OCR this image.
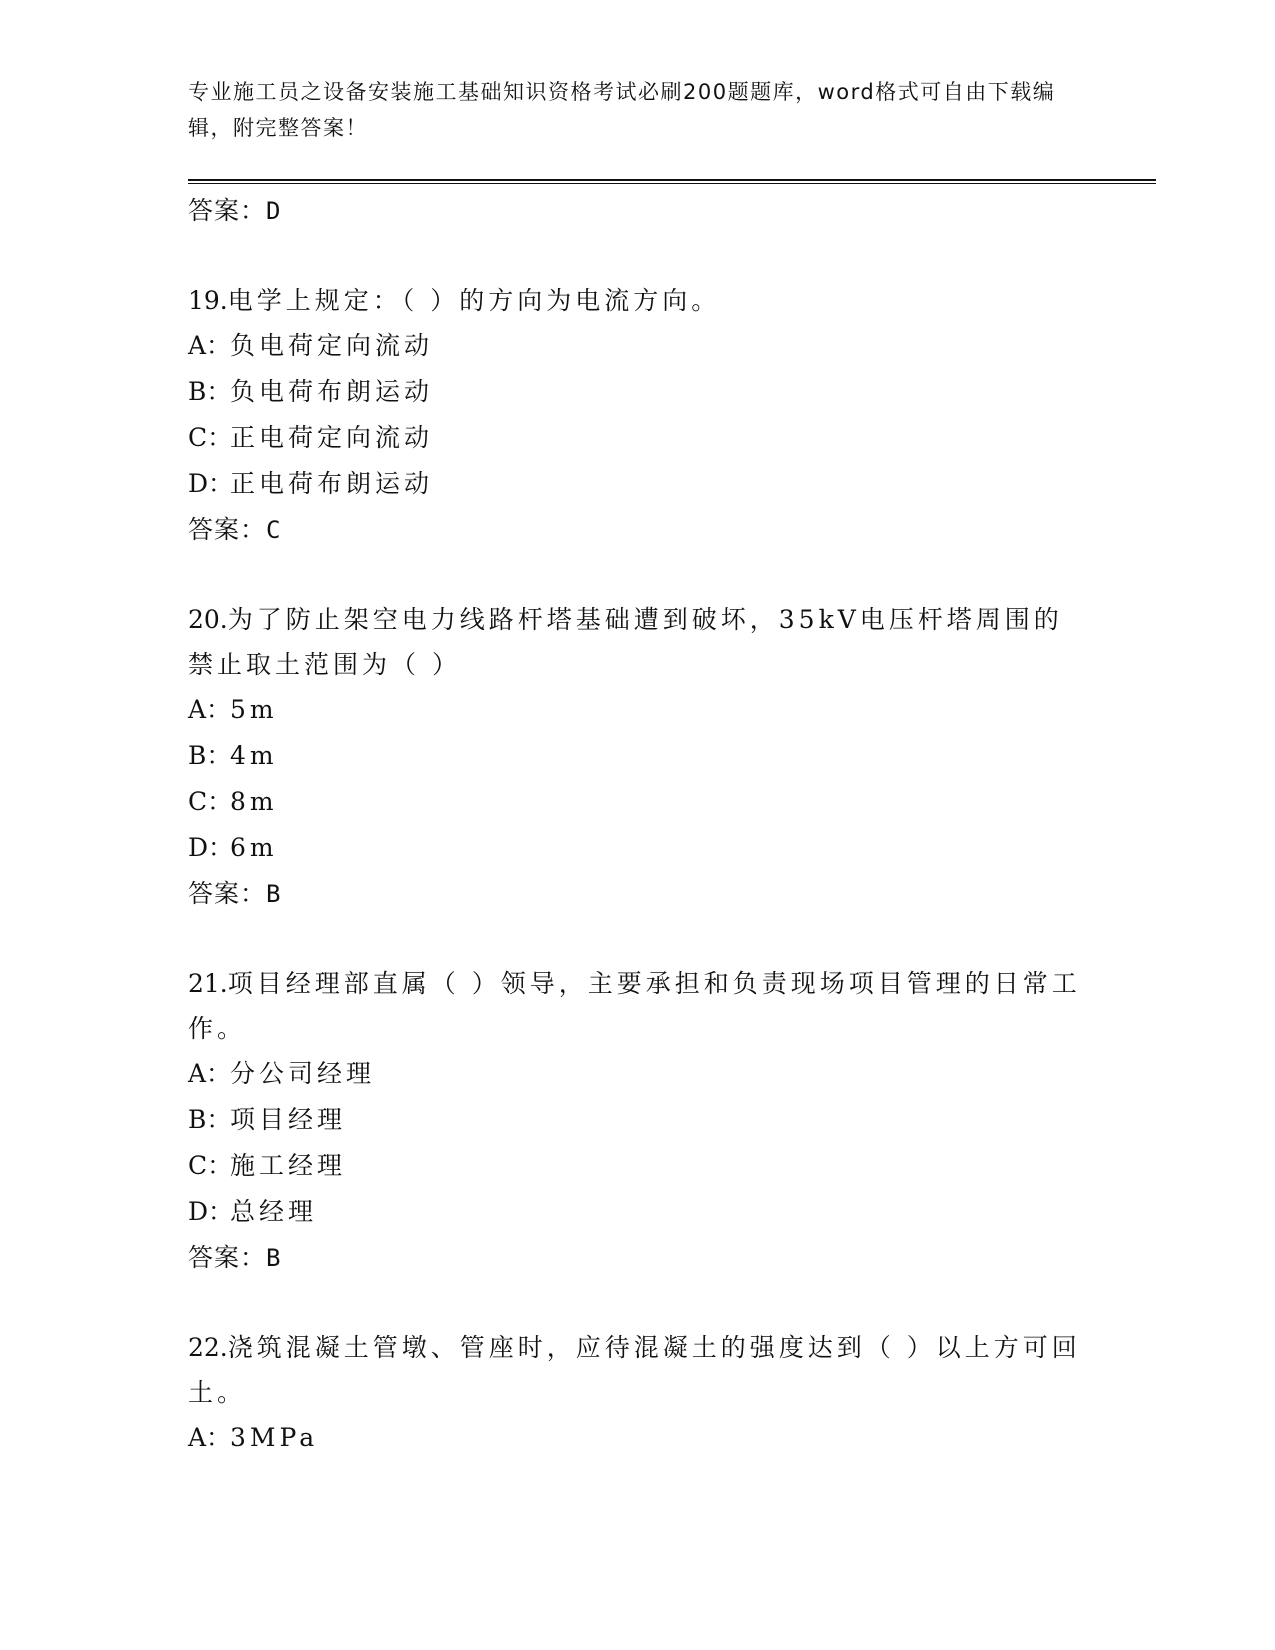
专业施工员之设备安装施工基础知识资格考试必刷200题题库，word格式可自由下载编辑，附完整答案！
答案：D
19.电学上规定：（ ）的方向为电流方向。
A：负电荷定向流动
B：负电荷布朗运动
C：正电荷定向流动
D：正电荷布朗运动
答案：C
20.为了防止架空电力线路杆塔基础遭到破坏，35kV电压杆塔周围的禁止取土范围为（ ）
A：5m
B：4m
C：8m
D：6m
答案：B
21.项目经理部直属（ ）领导，主要承担和负责现场项目管理的日常工作。
A：分公司经理
B：项目经理
C：施工经理
D：总经理
答案：B
22.浇筑混凝土管墩、管座时，应待混凝土的强度达到（ ）以上方可回土。
A：3MPa
